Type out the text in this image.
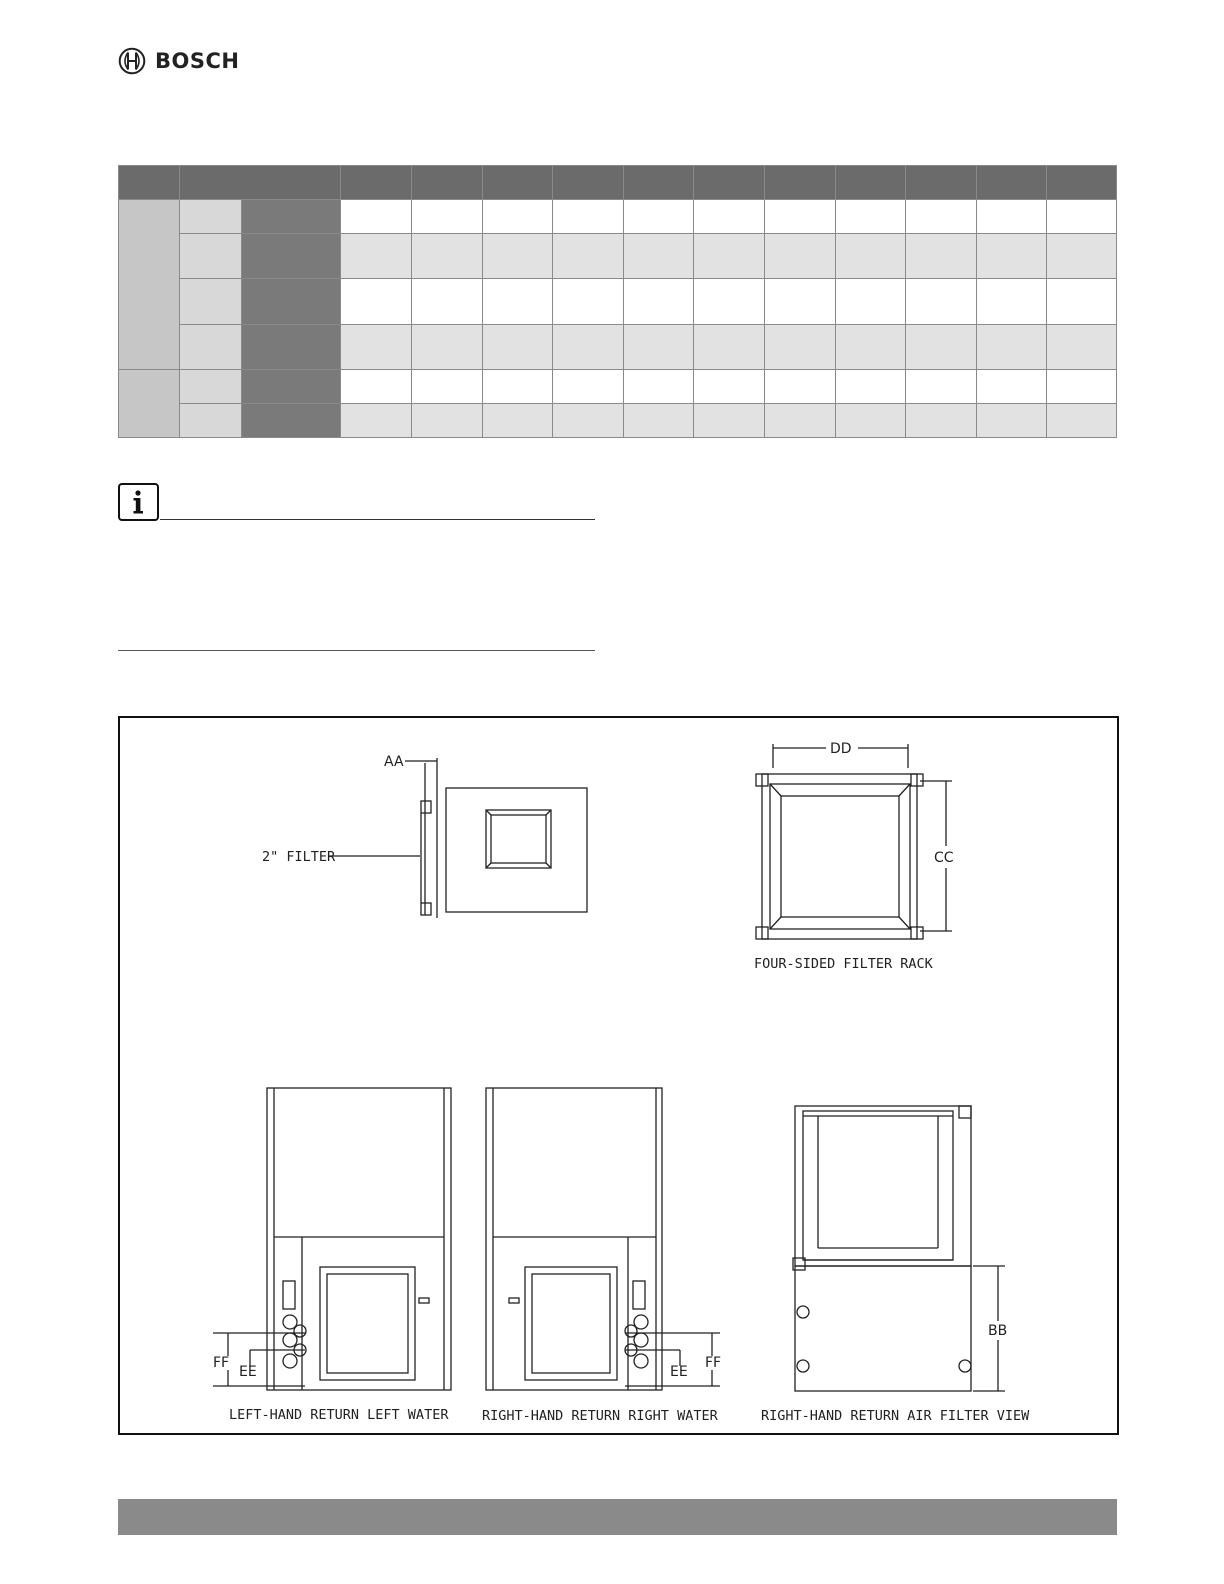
BOSCH

AA
DD
CC
BB
FF
EE	EE
FF
2" FILTER
FOUR-SIDED FILTER RACK
LEFT-HAND RETURN LEFT WATER RIGHT-HAND RETURN RIGHT WATER	RIGHT-HAND RETURN AIR FILTER VIEW
